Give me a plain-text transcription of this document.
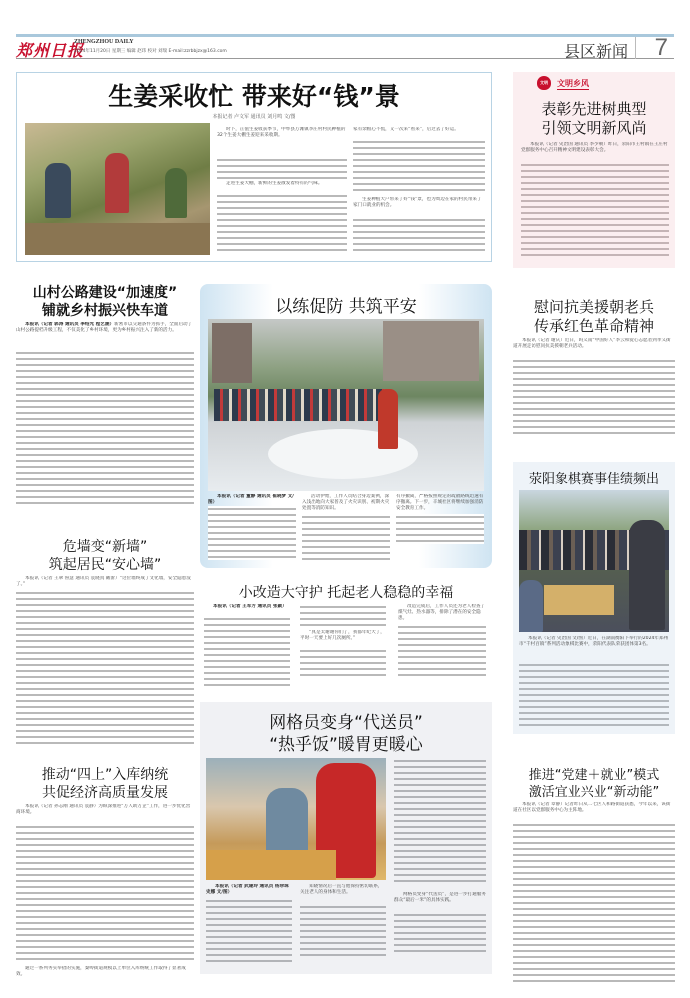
郑州日报
ZHENGZHOU DAILY
2024年11月20日 星期三 编辑 赵玮 校对 刘瑞 E-mail:zzrbbjzx@163.com	县区新闻 7
生姜采收忙 带来好“钱”景
本报记者 卢文军 通讯员 刘月鸣 文/图
时下，正值生姜收获季节，中牟县万滩镇李庄村村民种植的32个生姜大棚生姜迎来采收期。
走进生姜大棚，新鲜的生姜散发着特有的气味。
家有余粮心不慌，又一次来“看来”，后过去了好运。
生姜种植大户带来了好“钱”景，也为周边在家的村民带来了家门口就业的机会。
文明	文明乡风
表彰先进树典型
引领文明新风尚
本报讯（记者 史治国 通讯员 李少朝）昨日，荥阳市王村镇在王庄村党群服务中心召开精神文明建设表彰大会。
山村公路建设“加速度”
铺就乡村振兴快车道
本报讯（记者 郭涛 通讯员 李绍光 程艺涵）新密市以交通条件为抓手，全面启动了山村公路提档升级工程，不仅美化了乡村环境，更为乡村振兴注入了新的活力。
以练促防 共筑平安
本报讯（记者 董静 通讯员 崔晓梦 文/图）
活动伊始，工作人员结合身边案例，深入浅出地向大家普及了火灾识别、初期火灾处置等消防知识。
有序撤离，严格按照规定的疏散路线迅速有序撤离。下一步，辛城社区将继续加强消防安全教育工作。
慰问抗美援朝老兵
传承红色革命精神
本报讯（记者 谢庆）近日，吗义南“中国好人”李云和爱心志愿者到孝义街道开展走访慰问抗美援朝老兵活动。
荥阳象棋赛事佳绩频出
本报讯（记者 史治国 文/图）近日，在湖南衡阳下举行的2024年郑州市“千村百镇”系列活动象棋比赛中，荥阳代表队荣获团体第3名。
危墙变“新墙”
筑起居民“安心墙”
本报讯（记者 王翠 鲁慧 通讯员 袁晓真 戴蕾）“这位墙终成了文化墙，安全隐患没了。”
小改造大守护 托起老人稳稳的幸福
本报讯（记者 王军方 通讯员 张颖）
“真是太谢谢你们了，我都年纪大了，平时一天要上好几次厕所。”
改造完成后，工作人员还为老人检查了煤气灶、热水器等，排除了潜在的安全隐患。
网格员变身“代送员”
“热乎饭”暖胃更暖心
本报讯（记者 武建玲 通讯员 杨珍珠 史娜 文/图）
知晓情况后一直与他保持密切联系，关注老人的身体和生活。	网格员变身“代送员”，是进一步打通服务群众“最后一米”的具体实践。
推动“四上”入库纳统
共促经济高质量发展
本报讯（记者 孙志刚 通讯员 袁静）为纵深推进“万人助万企”工作，进一步优化营商环境。
通过一系列务实举措的实施，秦岭街道规模以上单位入库纳统工作取得了显著成效。
推进“党建＋就业”模式
激活宜业兴业“新动能”
本报讯（记者 章静）记者昨日从二七区人和路街道获悉，今年以来，该街道在社区以党群服务中心为主阵地。
